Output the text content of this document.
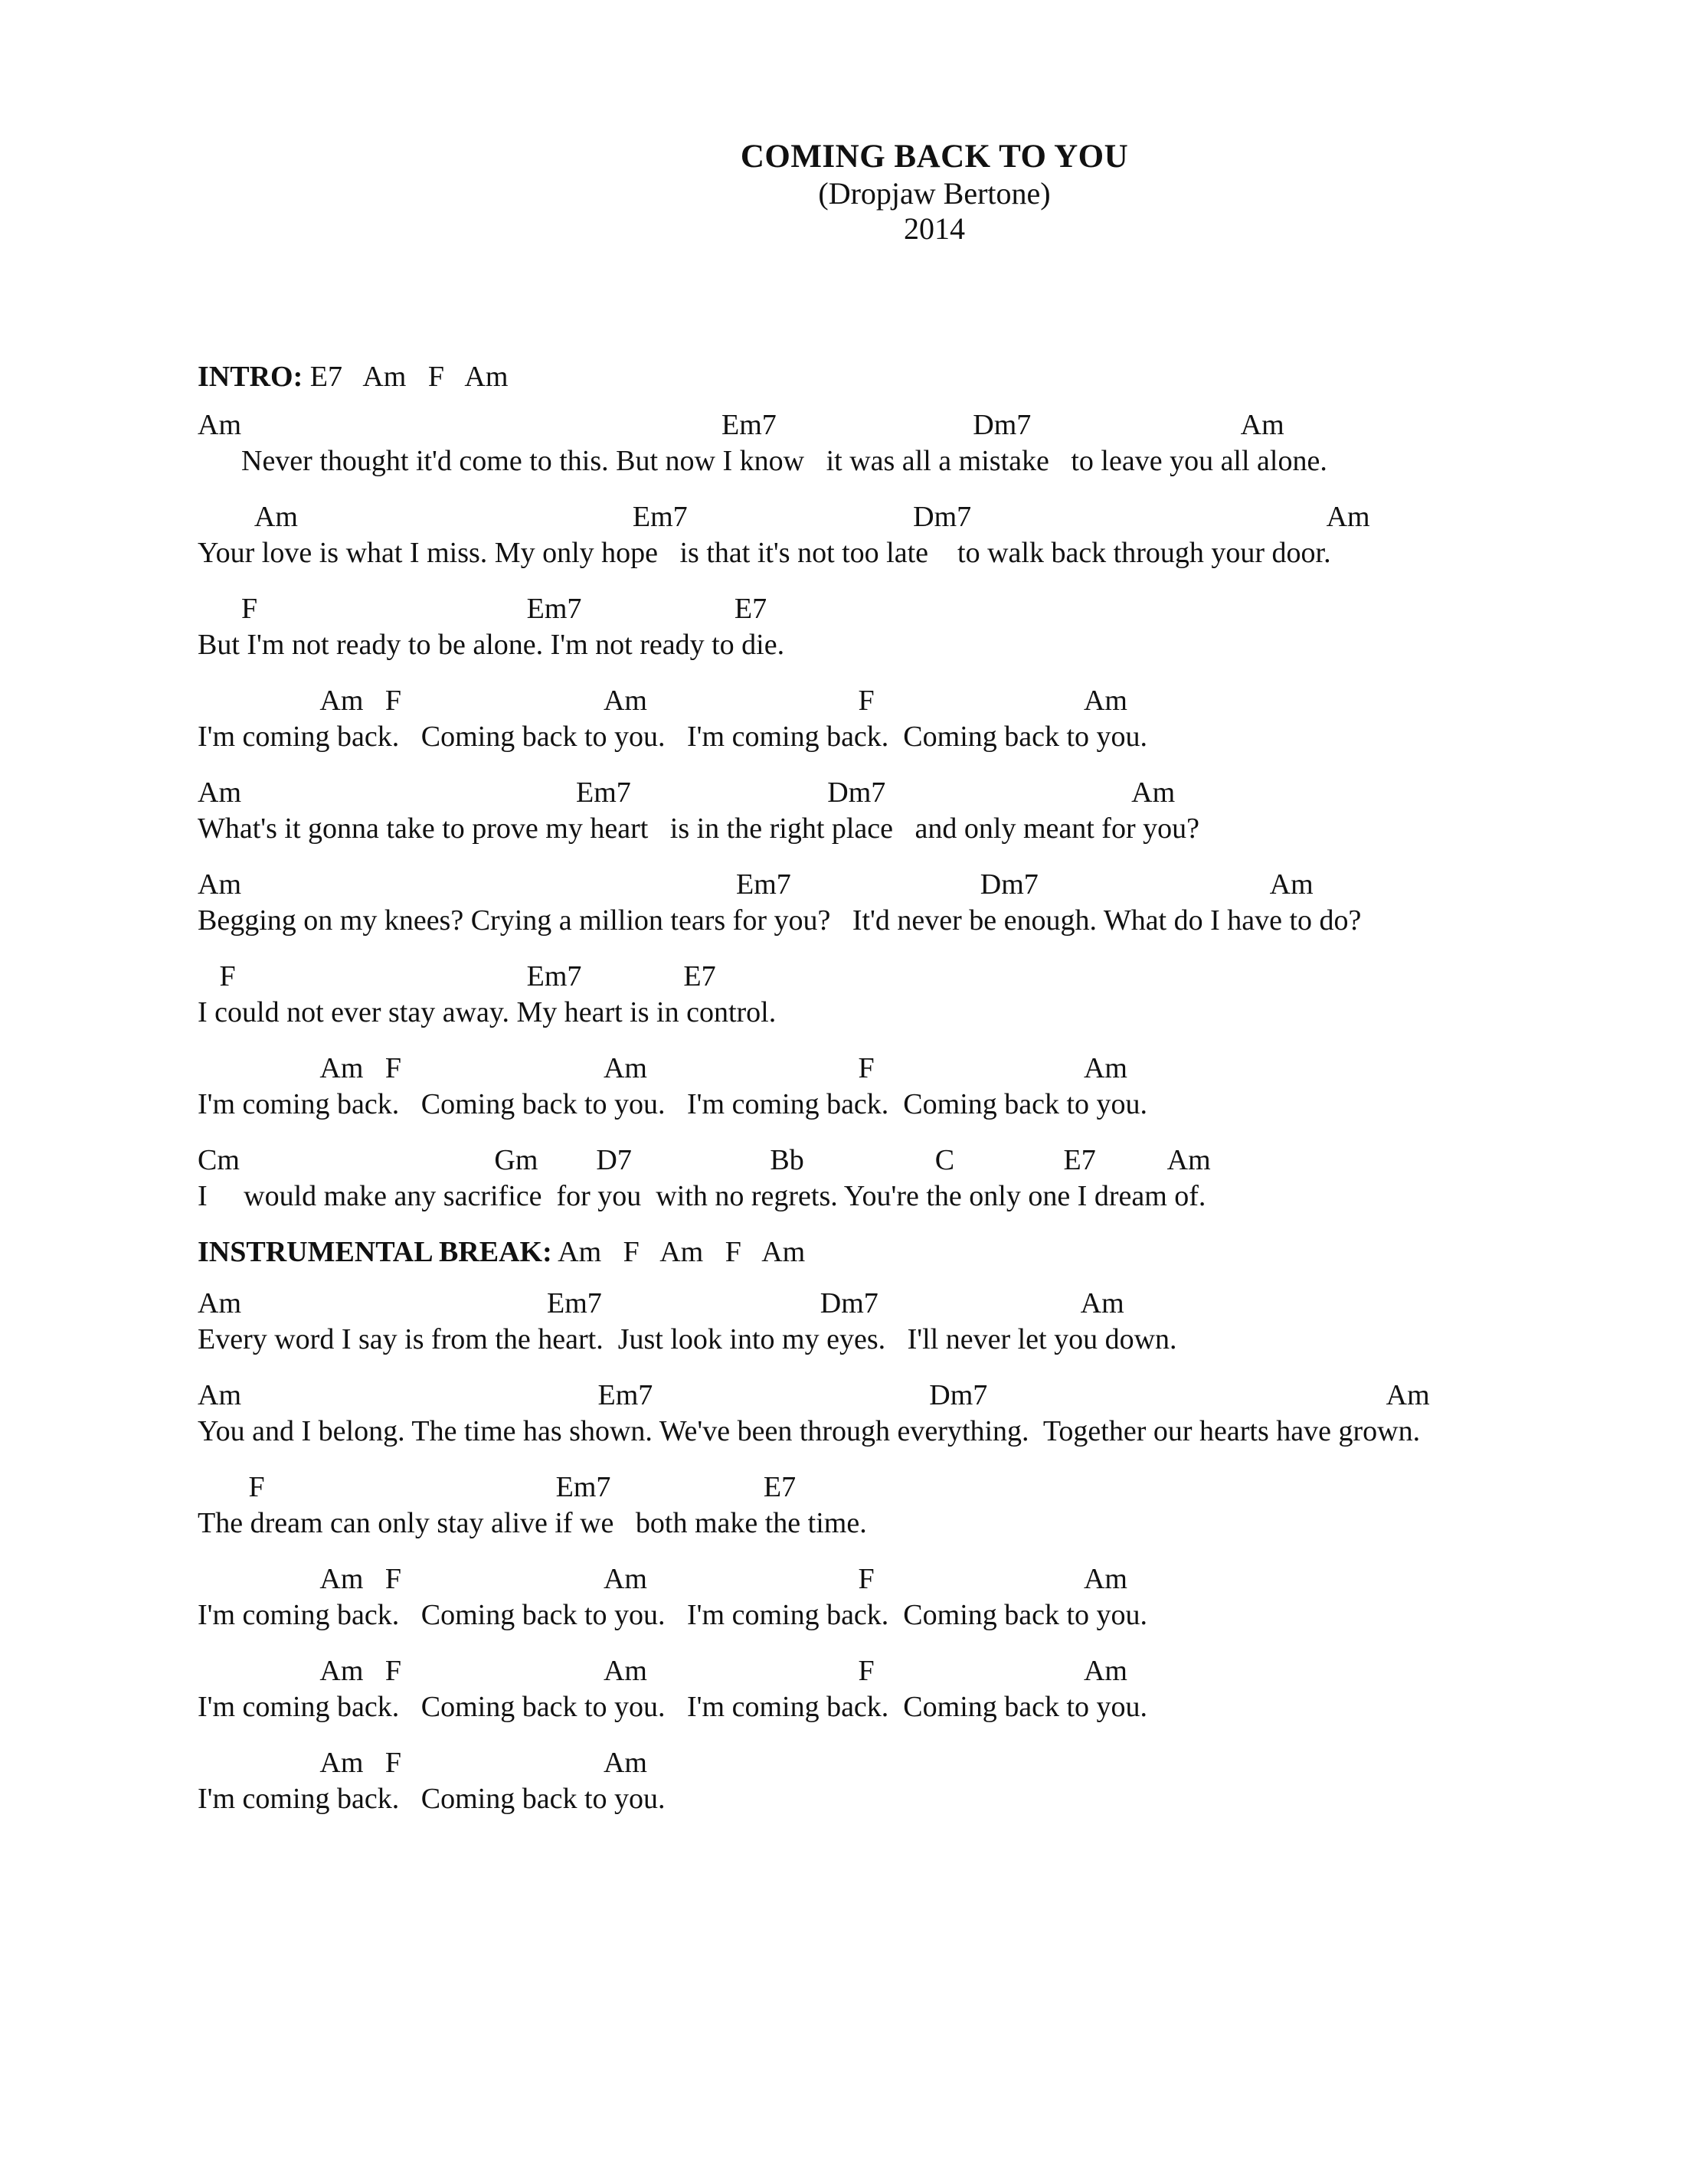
COMING BACK TO YOU
(Dropjaw Bertone)
2014
INTRO: E7   Am   F   Am
Am                                                                  Em7                           Dm7                             Am
Never thought it'd come to this. But now I know   it was all a mistake   to leave you all alone.
Am                                              Em7                               Dm7                                                 Am
Your love is what I miss. My only hope   is that it's not too late    to walk back through your door.
F                                     Em7                     E7
But I'm not ready to be alone. I'm not ready to die.
Am   F                            Am                             F                             Am
I'm coming back.   Coming back to you.   I'm coming back.  Coming back to you.
Am                                              Em7                           Dm7                                  Am
What's it gonna take to prove my heart   is in the right place   and only meant for you?
Am                                                                    Em7                          Dm7                                Am
Begging on my knees? Crying a million tears for you?   It'd never be enough. What do I have to do?
F                                        Em7              E7
I could not ever stay away. My heart is in control.
Am   F                            Am                             F                             Am
I'm coming back.   Coming back to you.   I'm coming back.  Coming back to you.
Cm                                   Gm        D7                   Bb                  C               E7          Am
I     would make any sacrifice  for you  with no regrets. You're the only one I dream of.
INSTRUMENTAL BREAK: Am   F   Am   F   Am
Am                                          Em7                              Dm7                            Am
Every word I say is from the heart.  Just look into my eyes.   I'll never let you down.
Am                                                 Em7                                      Dm7                                                       Am
You and I belong. The time has shown. We've been through everything.  Together our hearts have grown.
F                                        Em7                     E7
The dream can only stay alive if we   both make the time.
Am   F                            Am                             F                             Am
I'm coming back.   Coming back to you.   I'm coming back.  Coming back to you.
Am   F                            Am                             F                             Am
I'm coming back.   Coming back to you.   I'm coming back.  Coming back to you.
Am   F                            Am
I'm coming back.   Coming back to you.
